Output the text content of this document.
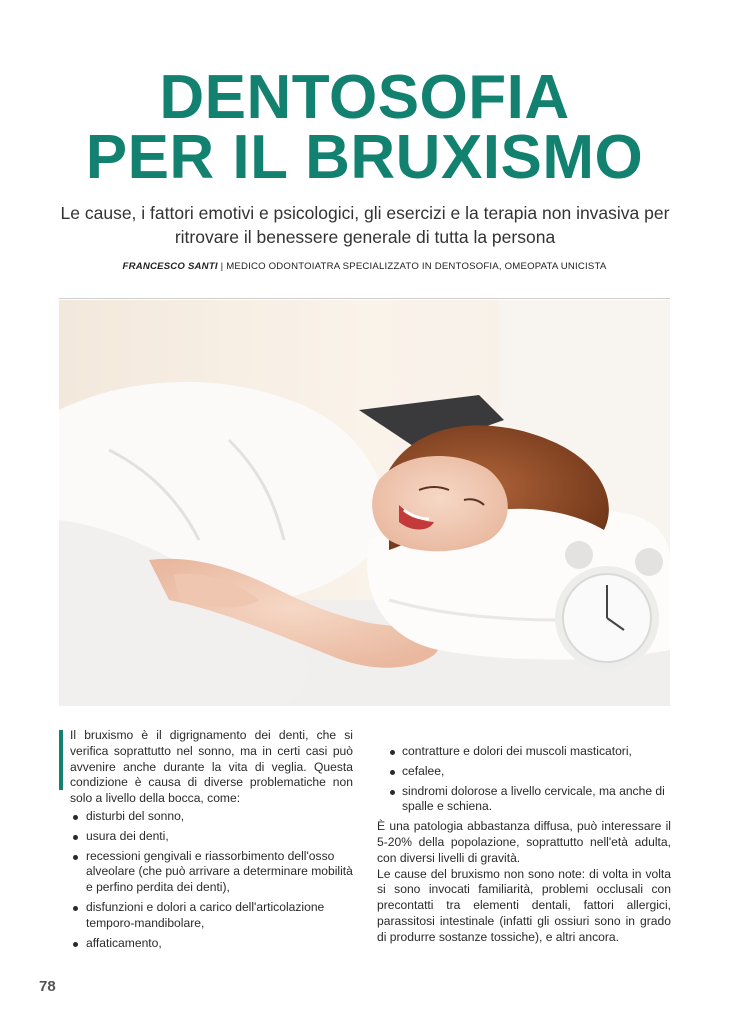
DENTOSOFIA
PER IL BRUXISMO
Le cause, i fattori emotivi e psicologici, gli esercizi e la terapia non invasiva per ritrovare il benessere generale di tutta la persona
FRANCESCO SANTI | MEDICO ODONTOIATRA SPECIALIZZATO IN DENTOSOFIA, OMEOPATA UNICISTA

Il bruxismo è il digrignamento dei denti, che si verifica soprattutto nel sonno, ma in certi casi può avvenire anche durante la vita di veglia. Questa condizione è causa di diverse problematiche non solo a livello della bocca, come:

disturbi del sonno,
usura dei denti,
recessioni gengivali e riassorbimento dell'osso alveolare (che può arrivare a determinare mobilità e perfino perdita dei denti),
disfunzioni e dolori a carico dell'articolazione temporo-mandibolare,
affaticamento,
contratture e dolori dei muscoli masticatori,
cefalee,
sindromi dolorose a livello cervicale, ma anche di spalle e schiena.

È una patologia abbastanza diffusa, può interessare il 5-20% della popolazione, soprattutto nell'età adulta, con diversi livelli di gravità.

Le cause del bruxismo non sono note: di volta in volta si sono invocati familiarità, problemi occlusali con precontatti tra elementi dentali, fattori allergici, parassitosi intestinale (infatti gli ossiuri sono in grado di produrre sostanze tossiche), e altri ancora.

78
